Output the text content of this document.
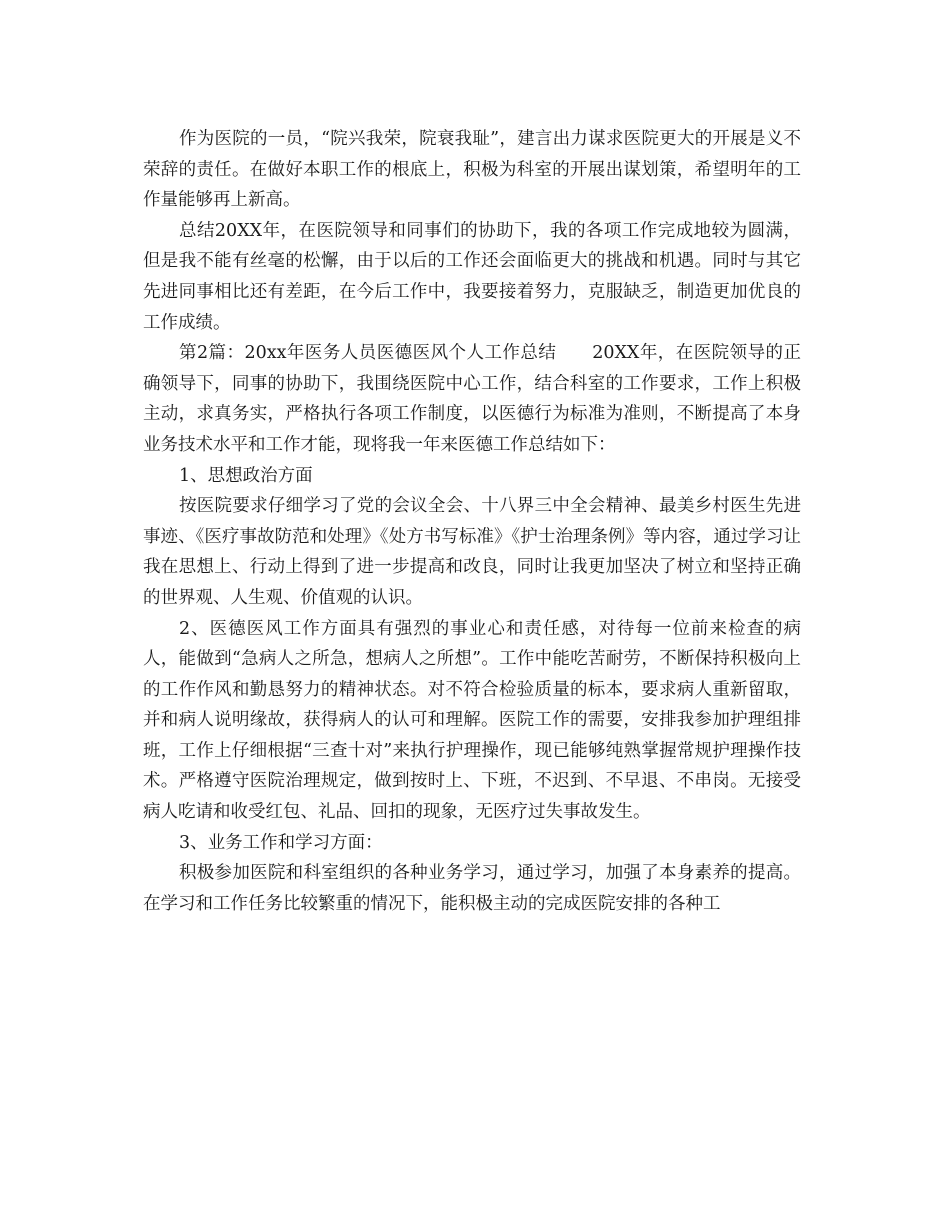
作为医院的一员，“院兴我荣，院衰我耻”，建言出力谋求医院更大的开展是义不荣辞的责任。在做好本职工作的根底上，积极为科室的开展出谋划策，希望明年的工作量能够再上新高。

总结20XX年，在医院领导和同事们的协助下，我的各项工作完成地较为圆满，但是我不能有丝毫的松懈，由于以后的工作还会面临更大的挑战和机遇。同时与其它先进同事相比还有差距，在今后工作中，我要接着努力，克服缺乏，制造更加优良的工作成绩。

第2篇：20xx年医务人员医德医风个人工作总结　　20XX年，在医院领导的正确领导下，同事的协助下，我围绕医院中心工作，结合科室的工作要求，工作上积极主动，求真务实，严格执行各项工作制度，以医德行为标准为准则，不断提高了本身业务技术水平和工作才能，现将我一年来医德工作总结如下：

1、思想政治方面

按医院要求仔细学习了党的会议全会、十八界三中全会精神、最美乡村医生先进事迹、《医疗事故防范和处理》《处方书写标准》《护士治理条例》等内容，通过学习让我在思想上、行动上得到了进一步提高和改良，同时让我更加坚决了树立和坚持正确的世界观、人生观、价值观的认识。

2、医德医风工作方面具有强烈的事业心和责任感，对待每一位前来检查的病人，能做到“急病人之所急，想病人之所想”。工作中能吃苦耐劳，不断保持积极向上的工作作风和勤恳努力的精神状态。对不符合检验质量的标本，要求病人重新留取，并和病人说明缘故，获得病人的认可和理解。医院工作的需要，安排我参加护理组排班，工作上仔细根据“三查十对”来执行护理操作，现已能够纯熟掌握常规护理操作技术。严格遵守医院治理规定，做到按时上、下班，不迟到、不早退、不串岗。无接受病人吃请和收受红包、礼品、回扣的现象，无医疗过失事故发生。

3、业务工作和学习方面：

积极参加医院和科室组织的各种业务学习，通过学习，加强了本身素养的提高。在学习和工作任务比较繁重的情况下，能积极主动的完成医院安排的各种工
